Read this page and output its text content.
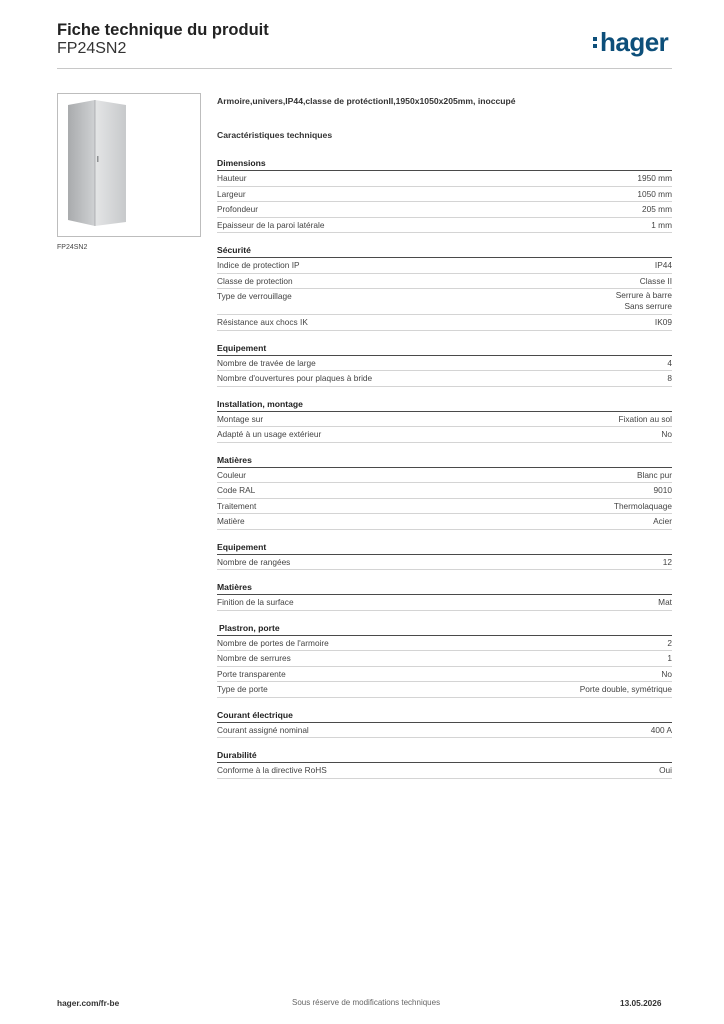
Fiche technique du produit
FP24SN2	hager
FP24SN2
Armoire,univers,IP44,classe de protéctionII,1950x1050x205mm, inoccupé
Caractéristiques techniques
Dimensions
Hauteur	1950 mm
Largeur	1050 mm
Profondeur	205 mm
Epaisseur de la paroi latérale	1 mm
Sécurité
Indice de protection IP	IP44
Classe de protection	Classe II
Type de verrouillage	Serrure à barre
Sans serrure
Résistance aux chocs IK	IK09
Equipement
Nombre de travée de large	4
Nombre d'ouvertures pour plaques à bride	8
Installation, montage
Montage sur	Fixation au sol
Adapté à un usage extérieur	No
Matières
Couleur	Blanc pur
Code RAL	9010
Traitement	Thermolaquage
Matière	Acier
Equipement
Nombre de rangées	12
Matières
Finition de la surface	Mat
Plastron, porte
Nombre de portes de l'armoire	2
Nombre de serrures	1
Porte transparente	No
Type de porte	Porte double, symétrique
Courant électrique
Courant assigné nominal	400 A
Durabilité
Conforme à la directive RoHS	Oui
hager.com/fr-be	Sous réserve de modifications techniques	13.05.2026
